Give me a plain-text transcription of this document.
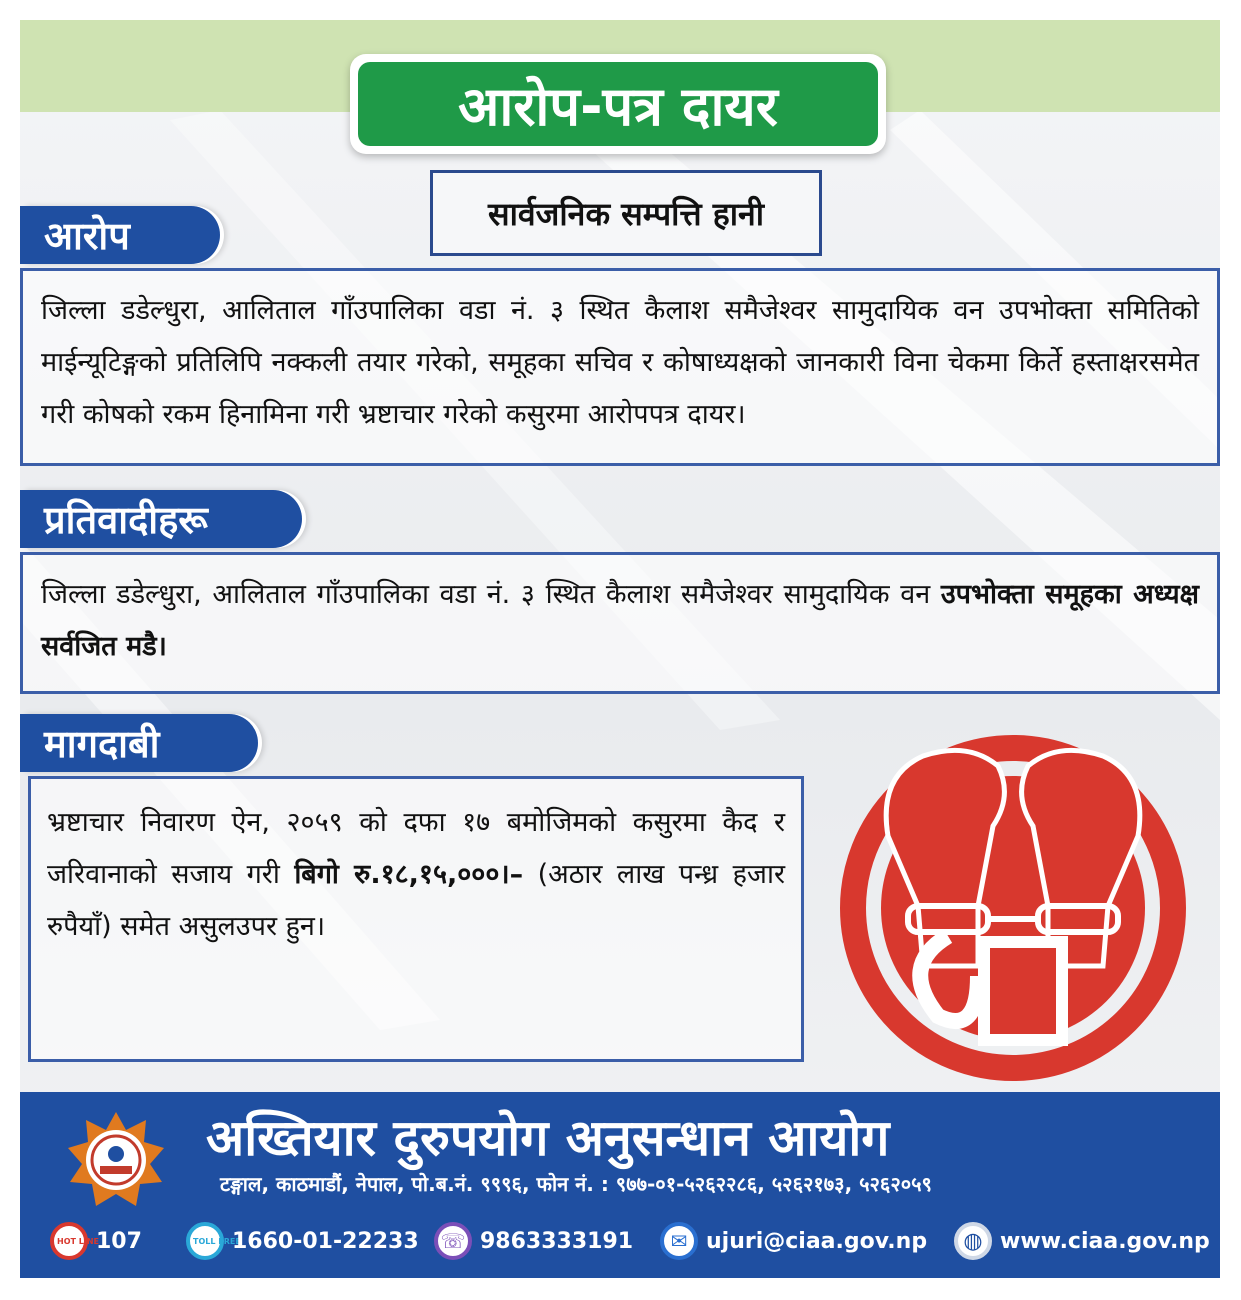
आरोप-पत्र दायर
सार्वजनिक सम्पत्ति हानी
आरोप
जिल्ला डडेल्धुरा, आलिताल गाँउपालिका वडा नं. ३ स्थित कैलाश समैजेश्वर सामुदायिक वन उपभोक्ता समितिको माईन्यूटिङ्गको प्रतिलिपि नक्कली तयार गरेको, समूहका सचिव र कोषाध्यक्षको जानकारी विना चेकमा किर्ते हस्ताक्षरसमेत गरी कोषको रकम हिनामिना गरी भ्रष्टाचार गरेको कसुरमा आरोपपत्र दायर।
प्रतिवादीहरू
जिल्ला डडेल्धुरा, आलिताल गाँउपालिका वडा नं. ३ स्थित कैलाश समैजेश्वर सामुदायिक वन उपभोक्ता समूहका अध्यक्ष सर्वजित मडै।
मागदाबी
भ्रष्टाचार निवारण ऐन, २०५९ को दफा १७ बमोजिमको कसुरमा कैद र जरिवानाको सजाय गरी बिगो रु.१८,१५,०००।– (अठार लाख पन्ध्र हजार रुपैयाँ) समेत असुलउपर हुन।
अख्तियार दुरुपयोग अनुसन्धान आयोग
टङ्गाल, काठमाडौं, नेपाल, पो.ब.नं. ९९९६, फोन नं. : ९७७-०१-५२६२२८६, ५२६२१७३, ५२६२०५९
HOT LINE
107	TOLL FREE
1660-01-22233	☏ 9863333191	✉ ujuri@ciaa.gov.np	◍ www.ciaa.gov.np
